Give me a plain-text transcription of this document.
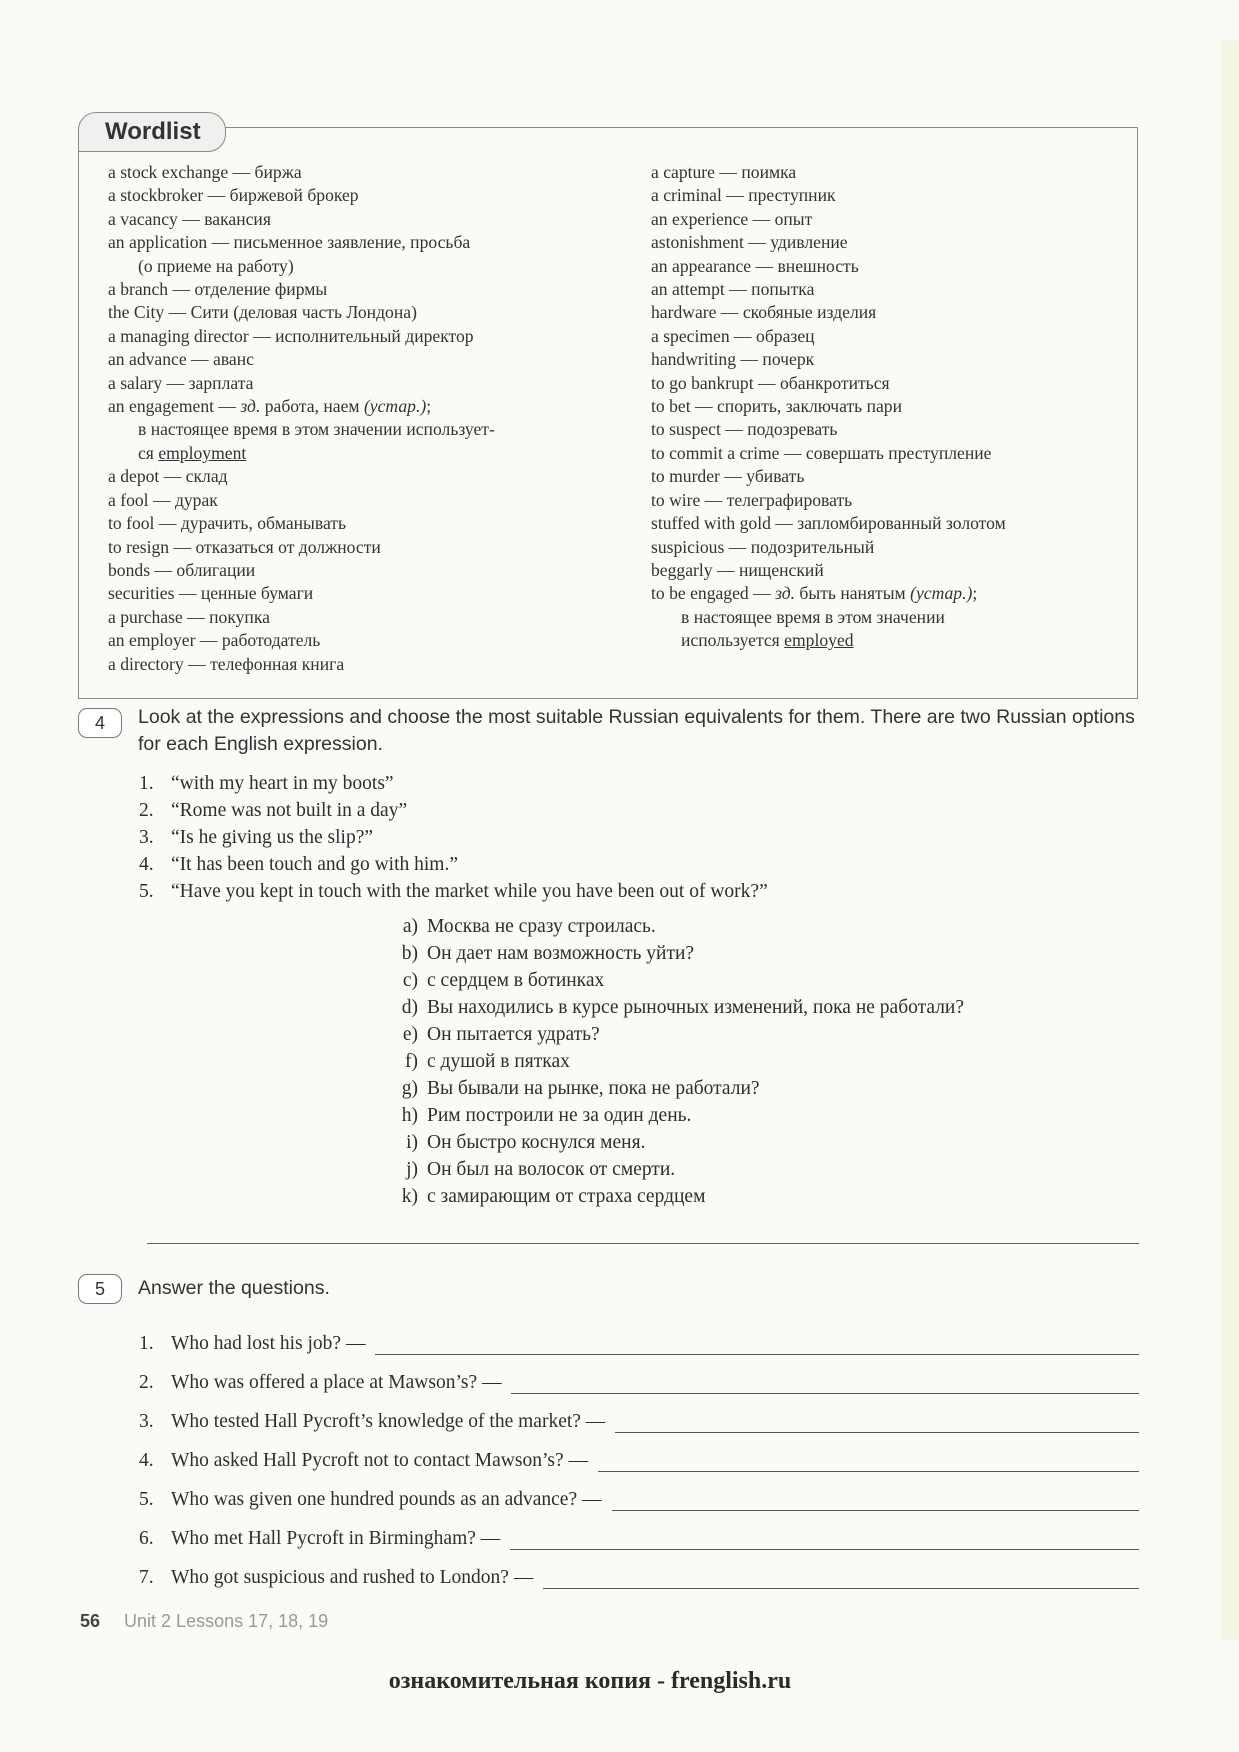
Wordlist
a stock exchange — биржа
a stockbroker — биржевой брокер
a vacancy — вакансия
an application — письменное заявление, просьба
(о приеме на работу)
a branch — отделение фирмы
the City — Сити (деловая часть Лондона)
a managing director — исполнительный директор
an advance — аванс
a salary — зарплата
an engagement — зд. работа, наем (устар.);
в настоящее время в этом значении использует-
ся employment
a depot — склад
a fool — дурак
to fool — дурачить, обманывать
to resign — отказаться от должности
bonds — облигации
securities — ценные бумаги
a purchase — покупка
an employer — работодатель
a directory — телефонная книга
a capture — поимка
a criminal — преступник
an experience — опыт
astonishment — удивление
an appearance — внешность
an attempt — попытка
hardware — скобяные изделия
a specimen — образец
handwriting — почерк
to go bankrupt — обанкротиться
to bet — спорить, заключать пари
to suspect — подозревать
to commit a crime — совершать преступление
to murder — убивать
to wire — телеграфировать
stuffed with gold — запломбированный золотом
suspicious — подозрительный
beggarly — нищенский
to be engaged — зд. быть нанятым (устар.);
в настоящее время в этом значении
используется employed
4	Look at the expressions and choose the most suitable Russian equivalents for them. There are two Russian options for each English expression.
1. “with my heart in my boots”
2. “Rome was not built in a day”
3. “Is he giving us the slip?”
4. “It has been touch and go with him.”
5. “Have you kept in touch with the market while you have been out of work?”
a) Москва не сразу строилась.
b) Он дает нам возможность уйти?
c) с сердцем в ботинках
d) Вы находились в курсе рыночных изменений, пока не работали?
e) Он пытается удрать?
f) с душой в пятках
g) Вы бывали на рынке, пока не работали?
h) Рим построили не за один день.
i) Он быстро коснулся меня.
j) Он был на волосок от смерти.
k) с замирающим от страха сердцем
5	Answer the questions.
1. Who had lost his job? —
2. Who was offered a place at Mawson’s? —
3. Who tested Hall Pycroft’s knowledge of the market? —
4. Who asked Hall Pycroft not to contact Mawson’s? —
5. Who was given one hundred pounds as an advance? —
6. Who met Hall Pycroft in Birmingham? —
7. Who got suspicious and rushed to London? —
56 Unit 2 Lessons 17, 18, 19
ознакомительная копия - frenglish.ru
